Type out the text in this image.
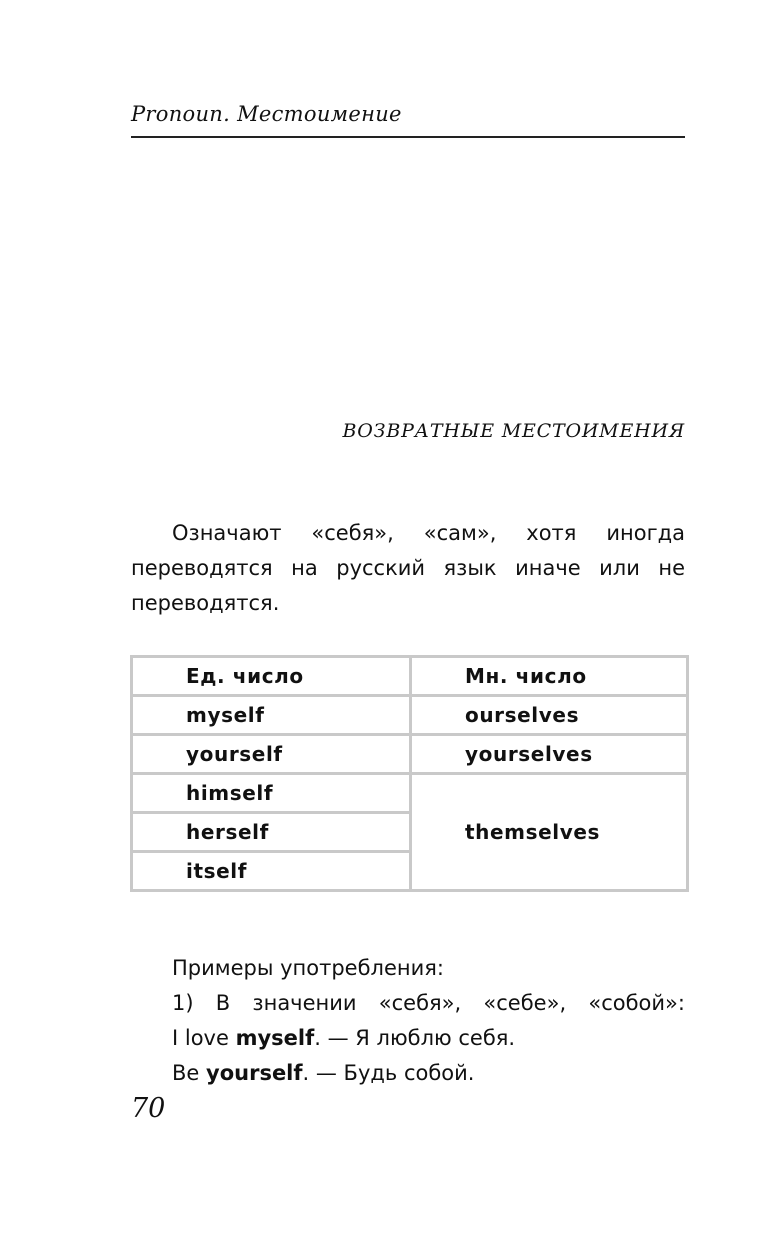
Pronoun. Местоимение
ВОЗВРАТНЫЕ МЕСТОИМЕНИЯ

Означают «себя», «сам», хотя иногда переводятся на русский язык иначе или не переводятся.

Ед. число	Мн. число
myself	ourselves
yourself	yourselves
himself	themselves
herself	
itself	
Примеры употребления:
1) В значении «себя», «себе», «собой»:
I love myself. — Я люблю себя.
Be yourself. — Будь собой.
70
